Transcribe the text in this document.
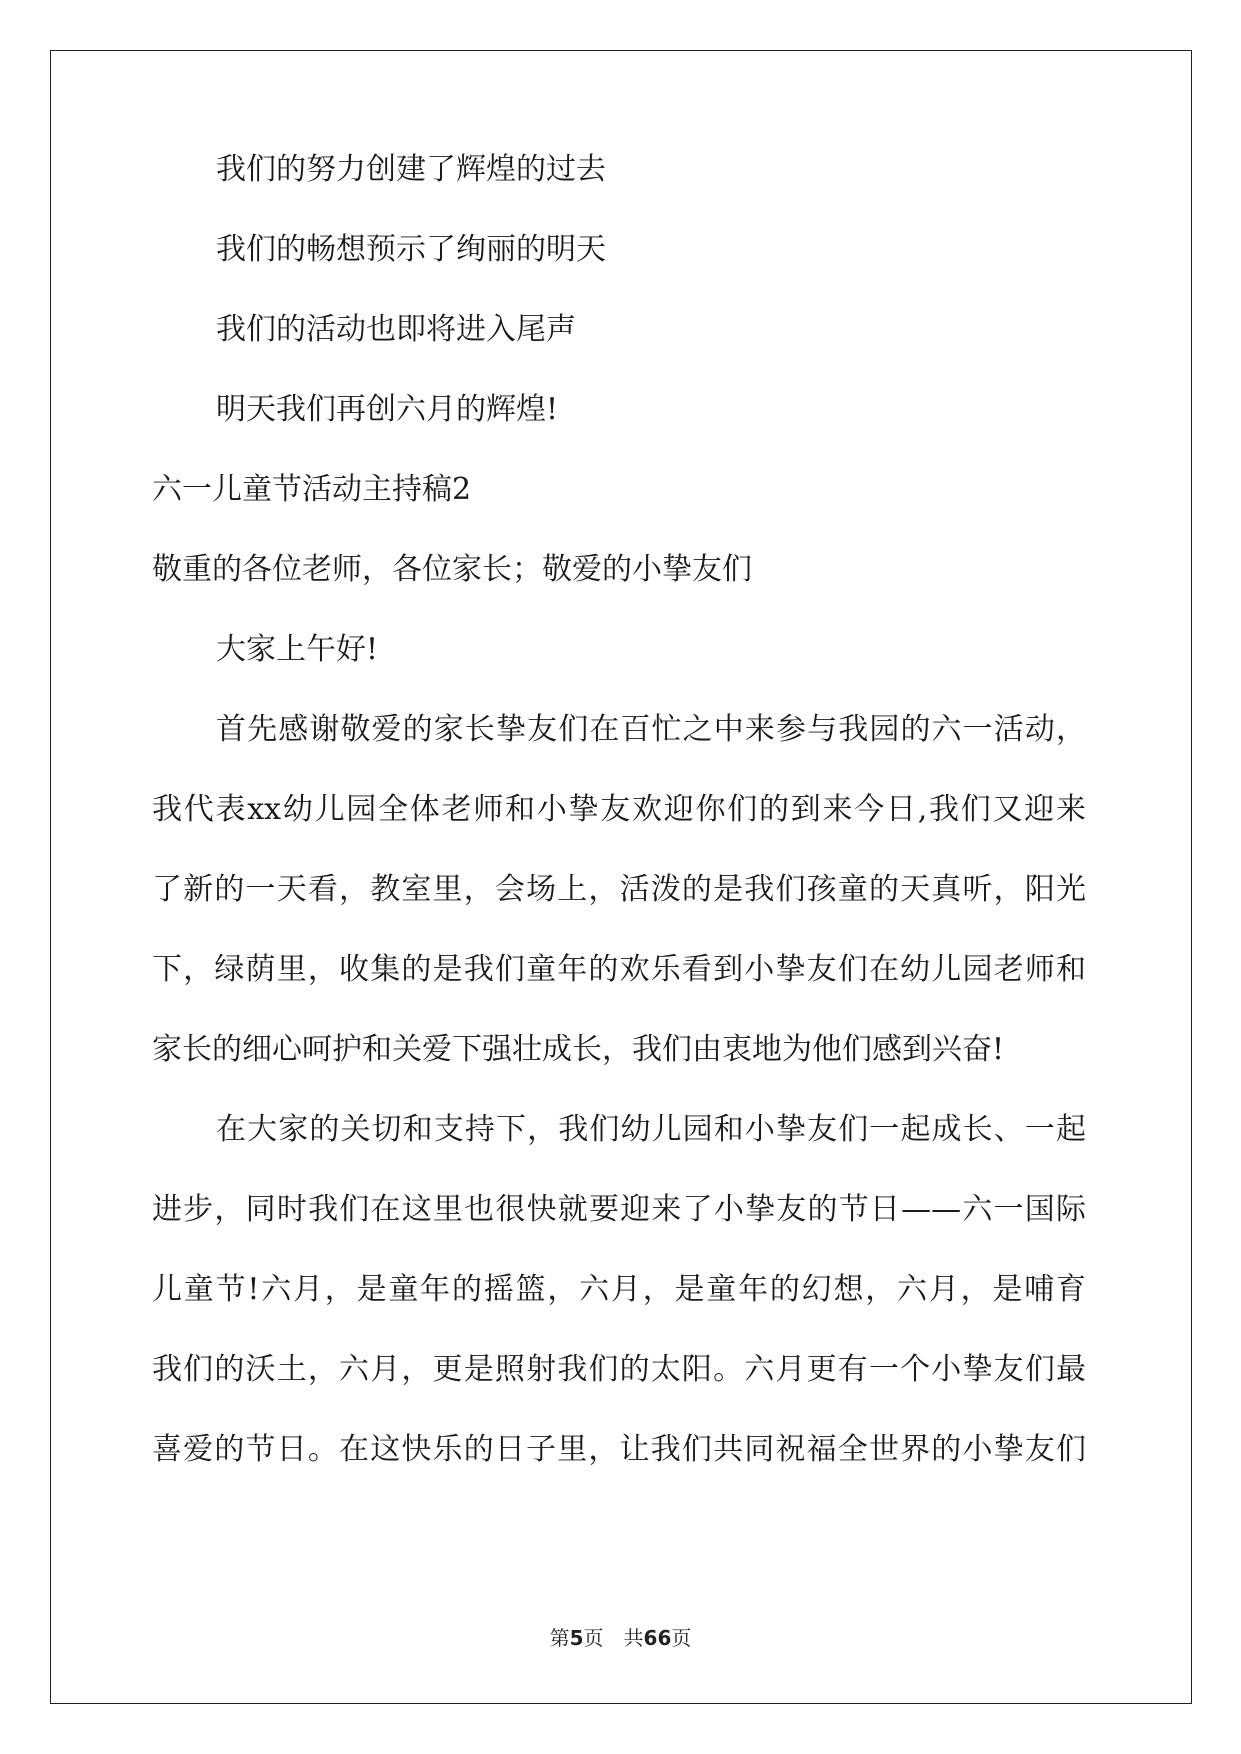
我们的努力创建了辉煌的过去

我们的畅想预示了绚丽的明天

我们的活动也即将进入尾声

明天我们再创六月的辉煌!

六一儿童节活动主持稿2

敬重的各位老师，各位家长；敬爱的小挚友们

大家上午好!

首先感谢敬爱的家长挚友们在百忙之中来参与我园的六一活动，

我代表xx幼儿园全体老师和小挚友欢迎你们的到来今日,我们又迎来

了新的一天看，教室里，会场上，活泼的是我们孩童的天真听，阳光

下，绿荫里，收集的是我们童年的欢乐看到小挚友们在幼儿园老师和

家长的细心呵护和关爱下强壮成长，我们由衷地为他们感到兴奋!

在大家的关切和支持下，我们幼儿园和小挚友们一起成长、一起

进步，同时我们在这里也很快就要迎来了小挚友的节日——六一国际

儿童节!六月，是童年的摇篮，六月，是童年的幻想，六月，是哺育

我们的沃土，六月，更是照射我们的太阳。六月更有一个小挚友们最

喜爱的节日。在这快乐的日子里，让我们共同祝福全世界的小挚友们

第5页　共66页
